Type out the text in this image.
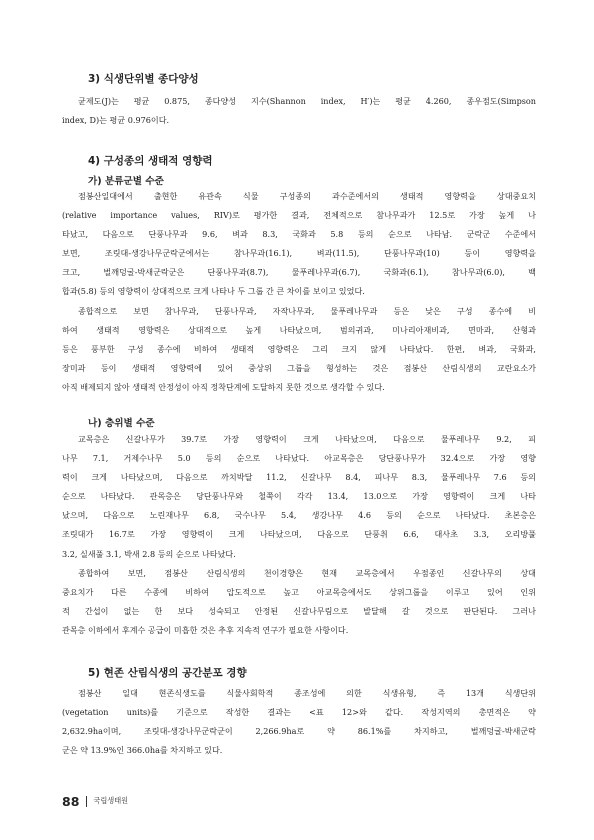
3) 식생단위별 종다양성
균제도(J)는 평균 0.875, 종다양성 지수(Shannon index, H′)는 평균 4.260, 종우점도(Simpson
index, D)는 평균 0.976이다.
4) 구성종의 생태적 영향력
가) 분류군별 수준
점봉산일대에서 출현한 유관속 식물 구성종의 과수준에서의 생태적 영향력을 상대중요치
(relative importance values, RIV)로 평가한 결과, 전체적으로 참나무과가 12.5로 가장 높게 나
타났고, 다음으로 단풍나무과 9.6, 벼과 8.3, 국화과 5.8 등의 순으로 나타남. 군락군 수준에서
보면, 조릿대-생강나무군락군에서는 참나무과(16.1), 벼과(11.5), 단풍나무과(10) 등이 영향력을
크고, 벌깨덩굴-박새군락군은 단풍나무과(8.7), 물푸레나무과(6.7), 국화과(6.1), 참나무과(6.0), 백
합과(5.8) 등의 영향력이 상대적으로 크게 나타나 두 그룹 간 큰 차이를 보이고 있었다.
종합적으로 보면 참나무과, 단풍나무과, 자작나무과, 물푸레나무과 등은 낮은 구성 종수에 비
하여 생태적 영향력은 상대적으로 높게 나타났으며, 범의귀과, 미나리아재비과, 면마과, 산형과
등은 풍부한 구성 종수에 비하여 생태적 영향력은 그리 크지 않게 나타났다. 한편, 벼과, 국화과,
장미과 등이 생태적 영향력에 있어 중상위 그룹을 형성하는 것은 점봉산 산림식생의 교란요소가
아직 배제되지 않아 생태적 안정성이 아직 정착단계에 도달하지 못한 것으로 생각할 수 있다.
나) 층위별 수준
교목층은 신갈나무가 39.7로 가장 영향력이 크게 나타났으며, 다음으로 물푸레나무 9.2, 피
나무 7.1, 거제수나무 5.0 등의 순으로 나타났다. 아교목층은 당단풍나무가 32.4으로 가장 영향
력이 크게 나타났으며, 다음으로 까치박달 11.2, 신갈나무 8.4, 피나무 8.3, 물푸레나무 7.6 등의
순으로 나타났다. 관목층은 당단풍나무와 철쭉이 각각 13.4, 13.0으로 가장 영향력이 크게 나타
났으며, 다음으로 노린재나무 6.8, 국수나무 5.4, 생강나무 4.6 등의 순으로 나타났다. 초본층은
조릿대가 16.7로 가장 영향력이 크게 나타났으며, 다음으로 단풍취 6.6, 대사초 3.3, 오리방풀
3.2, 실새풀 3.1, 박새 2.8 등의 순으로 나타났다.
종합하여 보면, 점봉산 산림식생의 천이경향은 현재 교목층에서 우점종인 신갈나무의 상대
중요치가 다른 수종에 비하여 압도적으로 높고 아교목층에서도 상위그룹을 이루고 있어 인위
적 간섭이 없는 한 보다 성숙되고 안정된 신갈나무림으로 발달해 갈 것으로 판단된다. 그러나
관목층 이하에서 후계수 공급이 미흡한 것은 추후 지속적 연구가 필요한 사항이다.
5) 현존 산림식생의 공간분포 경향
점봉산 일대 현존식생도를 식물사회학적 종조성에 의한 식생유형, 즉 13개 식생단위
(vegetation units)를 기준으로 작성한 결과는 <표 12>와 같다. 작성지역의 총면적은 약
2,632.9ha이며, 조릿대-생강나무군락군이 2,266.9ha로 약 86.1%를 차지하고, 벌깨덩굴-박새군락
군은 약 13.9%인 366.0ha를 차지하고 있다.
88 국립생태원
